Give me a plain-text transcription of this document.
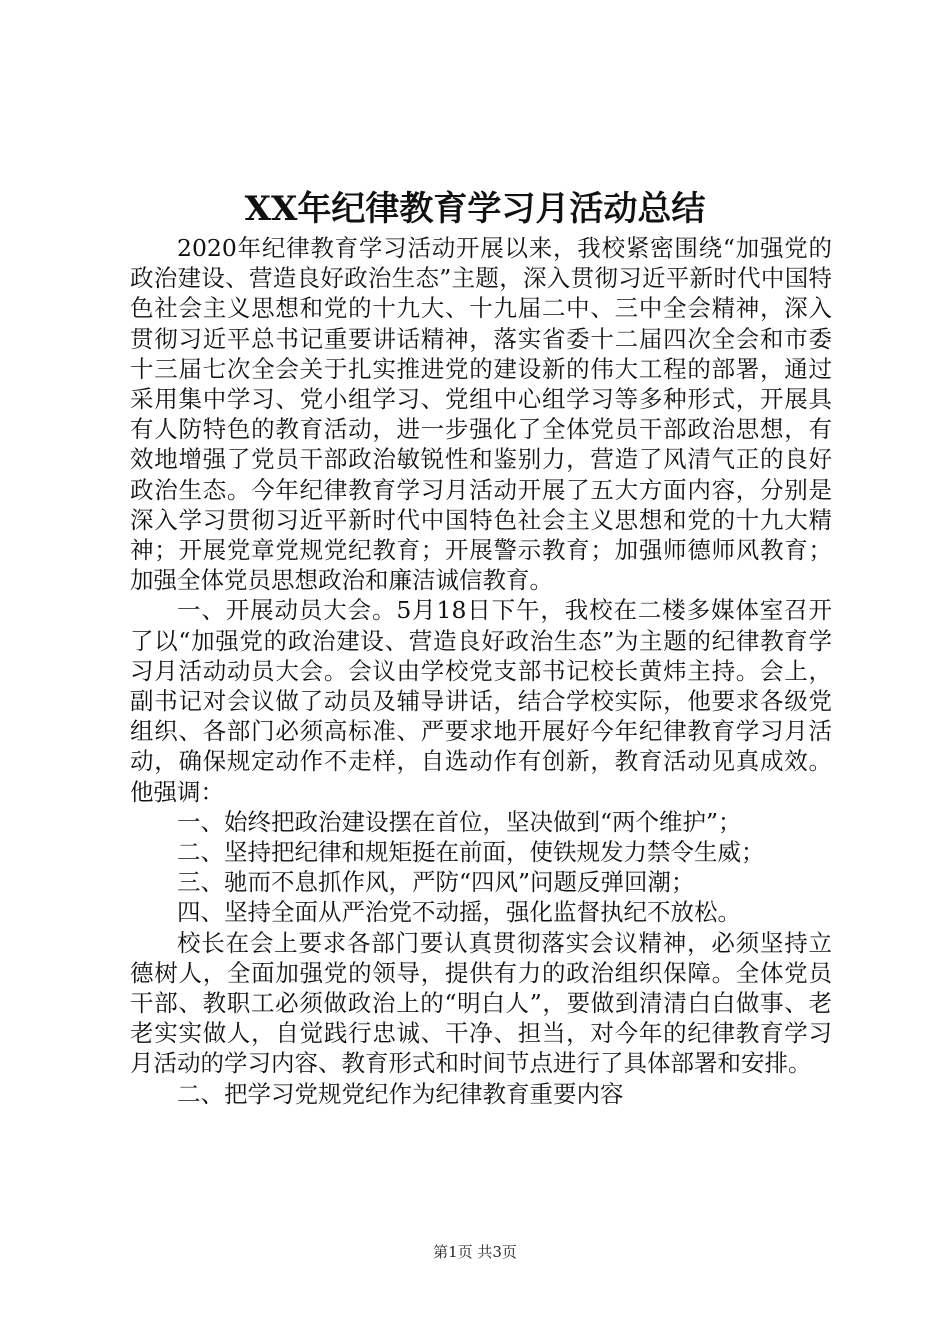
XX年纪律教育学习月活动总结

2020年纪律教育学习活动开展以来，我校紧密围绕“加强党的政治建设、营造良好政治生态”主题，深入贯彻习近平新时代中国特色社会主义思想和党的十九大、十九届二中、三中全会精神，深入贯彻习近平总书记重要讲话精神，落实省委十二届四次全会和市委十三届七次全会关于扎实推进党的建设新的伟大工程的部署，通过采用集中学习、党小组学习、党组中心组学习等多种形式，开展具有人防特色的教育活动，进一步强化了全体党员干部政治思想，有效地增强了党员干部政治敏锐性和鉴别力，营造了风清气正的良好政治生态。今年纪律教育学习月活动开展了五大方面内容，分别是深入学习贯彻习近平新时代中国特色社会主义思想和党的十九大精神；开展党章党规党纪教育；开展警示教育；加强师德师风教育；加强全体党员思想政治和廉洁诚信教育。

一、开展动员大会。5月18日下午，我校在二楼多媒体室召开了以“加强党的政治建设、营造良好政治生态”为主题的纪律教育学习月活动动员大会。会议由学校党支部书记校长黄炜主持。会上，副书记对会议做了动员及辅导讲话，结合学校实际，他要求各级党组织、各部门必须高标准、严要求地开展好今年纪律教育学习月活动，确保规定动作不走样，自选动作有创新，教育活动见真成效。他强调：

一、始终把政治建设摆在首位，坚决做到“两个维护”；

二、坚持把纪律和规矩挺在前面，使铁规发力禁令生威；

三、驰而不息抓作风，严防“四风”问题反弹回潮；

四、坚持全面从严治党不动摇，强化监督执纪不放松。

校长在会上要求各部门要认真贯彻落实会议精神，必须坚持立德树人，全面加强党的领导，提供有力的政治组织保障。全体党员干部、教职工必须做政治上的“明白人”，要做到清清白白做事、老老实实做人，自觉践行忠诚、干净、担当，对今年的纪律教育学习月活动的学习内容、教育形式和时间节点进行了具体部署和安排。

二、把学习党规党纪作为纪律教育重要内容

第1页 共3页
